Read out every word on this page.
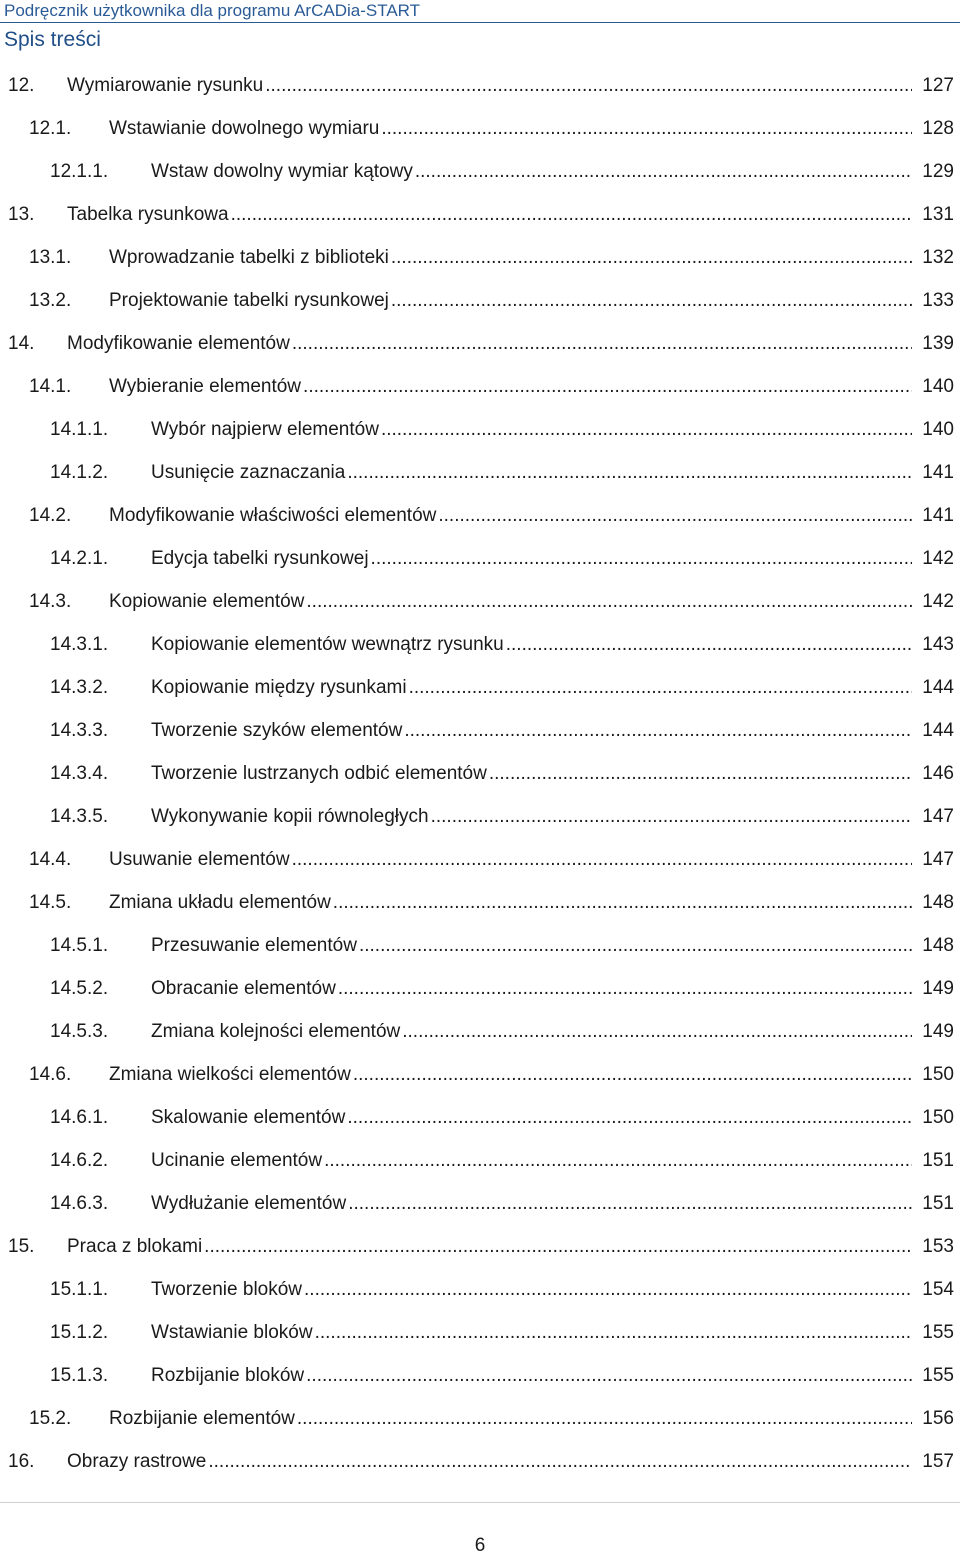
Podręcznik użytkownika dla programu ArCADia-START
Spis treści
12. Wymiarowanie rysunku .....	127
12.1. Wstawianie dowolnego wymiaru .....	128
12.1.1. Wstaw dowolny wymiar kątowy .....	129
13. Tabelka rysunkowa .....	131
13.1. Wprowadzanie tabelki z biblioteki .....	132
13.2. Projektowanie tabelki rysunkowej .....	133
14. Modyfikowanie elementów .....	139
14.1. Wybieranie elementów .....	140
14.1.1. Wybór najpierw elementów .....	140
14.1.2. Usunięcie zaznaczania .....	141
14.2. Modyfikowanie właściwości elementów .....	141
14.2.1. Edycja tabelki rysunkowej .....	142
14.3. Kopiowanie elementów .....	142
14.3.1. Kopiowanie elementów wewnątrz rysunku .....	143
14.3.2. Kopiowanie między rysunkami .....	144
14.3.3. Tworzenie szyków elementów .....	144
14.3.4. Tworzenie lustrzanych odbić elementów .....	146
14.3.5. Wykonywanie kopii równoległych .....	147
14.4. Usuwanie elementów .....	147
14.5. Zmiana układu elementów .....	148
14.5.1. Przesuwanie elementów .....	148
14.5.2. Obracanie elementów .....	149
14.5.3. Zmiana kolejności elementów .....	149
14.6. Zmiana wielkości elementów .....	150
14.6.1. Skalowanie elementów .....	150
14.6.2. Ucinanie elementów .....	151
14.6.3. Wydłużanie elementów .....	151
15. Praca z blokami .....	153
15.1.1. Tworzenie bloków .....	154
15.1.2. Wstawianie bloków .....	155
15.1.3. Rozbijanie bloków .....	155
15.2. Rozbijanie elementów .....	156
16. Obrazy rastrowe .....	157
6
